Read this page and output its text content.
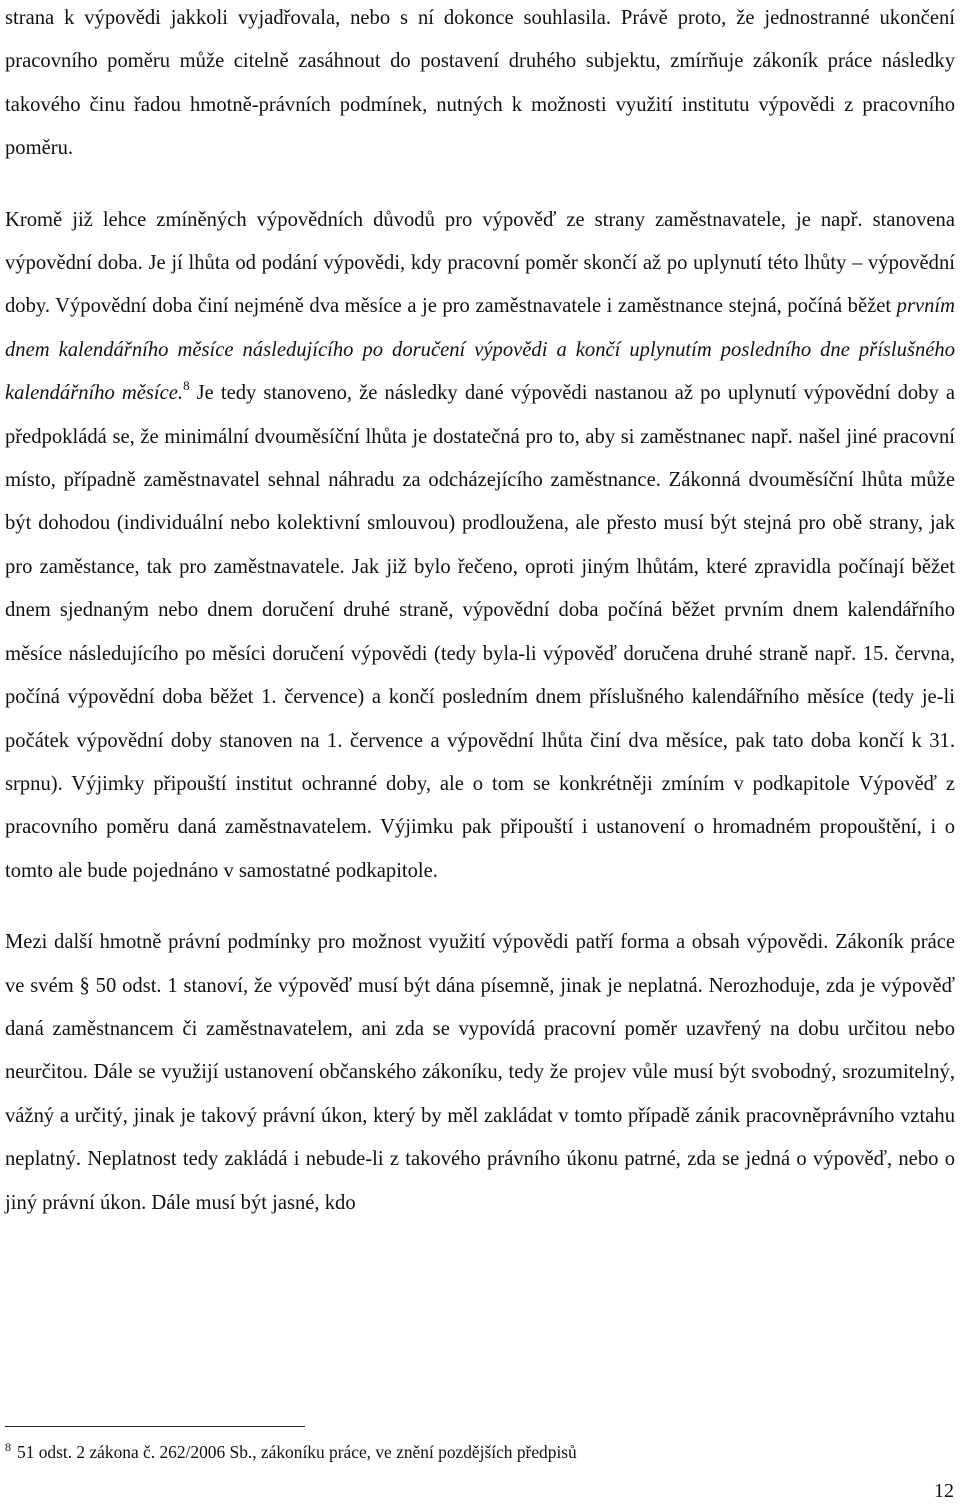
strana k výpovědi jakkoli vyjadřovala, nebo s ní dokonce souhlasila. Právě proto, že jednostranné ukončení pracovního poměru může citelně zasáhnout do postavení druhého subjektu, zmírňuje zákoník práce následky takového činu řadou hmotně-právních podmínek, nutných k možnosti využití institutu výpovědi z pracovního poměru.

Kromě již lehce zmíněných výpovědních důvodů pro výpověď ze strany zaměstnavatele, je např. stanovena výpovědní doba. Je jí lhůta od podání výpovědi, kdy pracovní poměr skončí až po uplynutí této lhůty – výpovědní doby. Výpovědní doba činí nejméně dva měsíce a je pro zaměstnavatele i zaměstnance stejná, počíná běžet prvním dnem kalendářního měsíce následujícího po doručení výpovědi a končí uplynutím posledního dne příslušného kalendářního měsíce.$^8$ Je tedy stanoveno, že následky dané výpovědi nastanou až po uplynutí výpovědní doby a předpokládá se, že minimální dvouměsíční lhůta je dostatečná pro to, aby si zaměstnanec např. našel jiné pracovní místo, případně zaměstnavatel sehnal náhradu za odcházejícího zaměstnance. Zákonná dvouměsíční lhůta může být dohodou (individuální nebo kolektivní smlouvou) prodloužena, ale přesto musí být stejná pro obě strany, jak pro zaměstance, tak pro zaměstnavatele. Jak již bylo řečeno, oproti jiným lhůtám, které zpravidla počínají běžet dnem sjednaným nebo dnem doručení druhé straně, výpovědní doba počíná běžet prvním dnem kalendářního měsíce následujícího po měsíci doručení výpovědi (tedy byla-li výpověď doručena druhé straně např. 15. června, počíná výpovědní doba běžet 1. července) a končí posledním dnem příslušného kalendářního měsíce (tedy je-li počátek výpovědní doby stanoven na 1. července a výpovědní lhůta činí dva měsíce, pak tato doba končí k 31. srpnu). Výjimky připouští institut ochranné doby, ale o tom se konkrétněji zmíním v podkapitole Výpověď z pracovního poměru daná zaměstnavatelem. Výjimku pak připouští i ustanovení o hromadném propouštění, i o tomto ale bude pojednáno v samostatné podkapitole.

Mezi další hmotně právní podmínky pro možnost využití výpovědi patří forma a obsah výpovědi. Zákoník práce ve svém § 50 odst. 1 stanoví, že výpověď musí být dána písemně, jinak je neplatná. Nerozhoduje, zda je výpověď daná zaměstnancem či zaměstnavatelem, ani zda se vypovídá pracovní poměr uzavřený na dobu určitou nebo neurčitou. Dále se využijí ustanovení občanského zákoníku, tedy že projev vůle musí být svobodný, srozumitelný, vážný a určitý, jinak je takový právní úkon, který by měl zakládat v tomto případě zánik pracovněprávního vztahu neplatný. Neplatnost tedy zakládá i nebude-li z takového právního úkonu patrné, zda se jedná o výpověď, nebo o jiný právní úkon. Dále musí být jasné, kdo

$^8$ 51 odst. 2 zákona č. 262/2006 Sb., zákoníku práce, ve znění pozdějších předpisů
12
